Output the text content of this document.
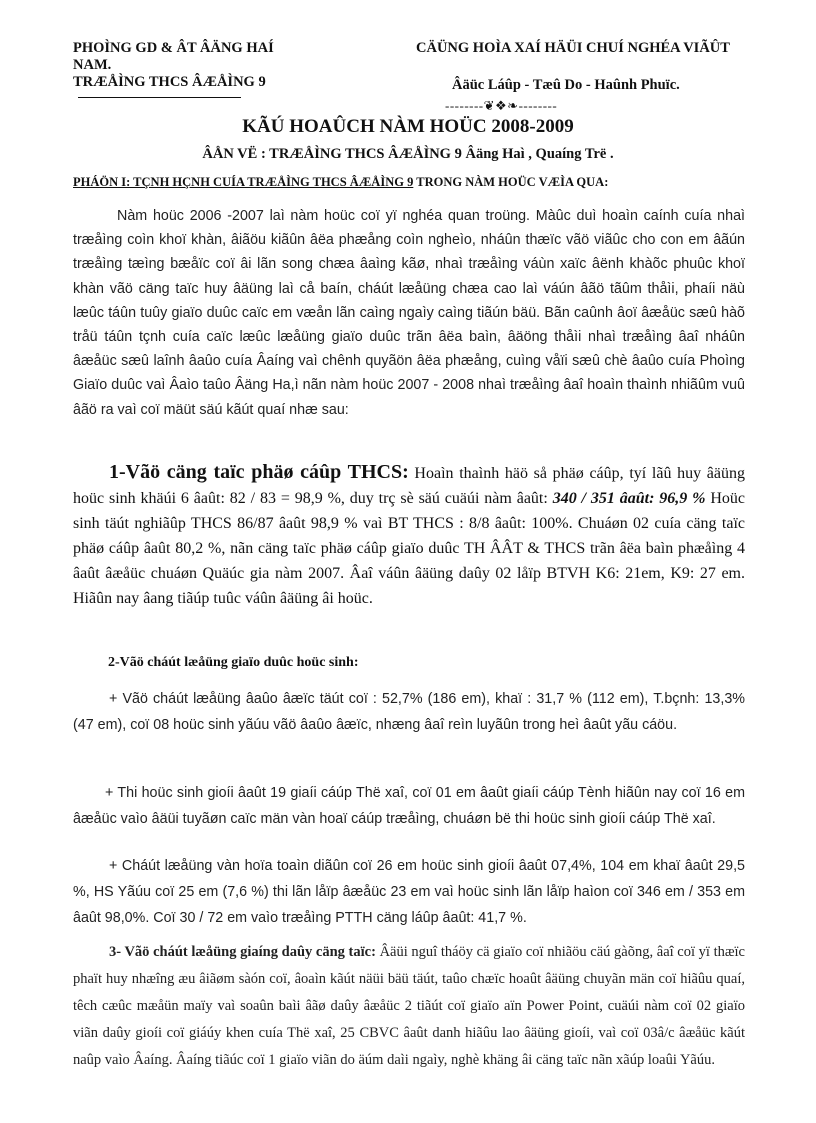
PHOÌNG GD & ÂT ÂÄNG HAÍ
NAM.
TRÆÅÌNG THCS ÂÆÅÌNG 9
CÄÜNG HOÌA XAÍ HÄÜI CHUÍ NGHÉA VIÃÛT
Âäüc Láûp - Tæû Do - Haûnh Phuïc.
--------❦❖❧--------
KÃÚ HOAÛCH NÀM HOÜC 2008-2009
ÂÅN VË : TRÆÅÌNG THCS ÂÆÅÌNG 9 Âäng Haì , Quaíng Trë .
PHÁÖN I: TÇNH HÇNH CUÍA TRÆÅÌNG THCS ÂÆÅÌNG 9 TRONG NÀM HOÜC VÆÌA QUA:
Nàm hoüc 2006 -2007 laì nàm hoüc coï yï nghéa quan troüng. Màûc duì hoaìn caính cuía nhaì træåìng coìn khoï khàn, âiãöu kiãûn âëa phæång coìn ngheìo, nháûn thæïc vãö viãûc cho con em âãún træåìng tæìng bæåïc coï âi lãn song chæa âaìng kãø, nhaì træåìng váùn xaïc âënh khàõc phuûc khoï khàn vãö cäng taïc huy âäüng laì cå baín, cháút læåüng chæa cao laì váún âãö tãûm thåìi, phaíi näù læûc táûn tuûy giaïo duûc caïc em væån lãn caìng ngaìy caìng tiãún bäü. Bãn caûnh âoï âæåüc sæû hàõ tråü táûn tçnh cuía caïc læûc læåüng giaïo duûc trãn âëa baìn, âäöng thåìi nhaì træåìng âaî nháûn âæåüc sæû laînh âaûo cuía Âaíng vaì chênh quyãön âëa phæång, cuìng våïi sæû chè âaûo cuía Phoìng Giaïo duûc vaì Âaìo taûo Âäng Ha,ì nãn nàm hoüc 2007 - 2008 nhaì træåìng âaî hoaìn thaình nhiãûm vuû âãö ra vaì coï mäüt säú kãút quaí nhæ sau:
1-Vãö cäng taïc phäø cáûp THCS: Hoaìn thaình häö så phäø cáûp, tyí lãû huy âäüng hoüc sinh khäúi 6 âaût: 82 / 83 = 98,9 %, duy trç sè säú cuäúi nàm âaût: 340 / 351 âaût: 96,9 % Hoüc sinh täút nghiãûp THCS 86/87 âaût 98,9 % vaì BT THCS : 8/8 âaût: 100%. Chuáøn 02 cuía cäng taïc phäø cáûp âaût 80,2 %, nãn cäng taïc phäø cáûp giaïo duûc TH ÂÂT & THCS trãn âëa baìn phæåìng 4 âaût âæåüc chuáøn Quäúc gia nàm 2007. Âaî váûn âäüng daûy 02 låïp BTVH K6: 21em, K9: 27 em. Hiãûn nay âang tiãúp tuûc váûn âäüng âi hoüc.
2-Vãö cháút læåüng giaïo duûc hoüc sinh:
+ Vãö cháút læåüng âaûo âæïc täút coï : 52,7% (186 em), khaï : 31,7 % (112 em), T.bçnh: 13,3% (47 em), coï 08 hoüc sinh yãúu vãö âaûo âæïc, nhæng âaî reìn luyãûn trong heì âaût yãu cáöu.
+ Thi hoüc sinh gioíi âaût 19 giaíi cáúp Thë xaî, coï 01 em âaût giaíi cáúp Tènh hiãûn nay coï 16 em âæåüc vaìo âäüi tuyãøn caïc män vàn hoaï cáúp træåìng, chuáøn bë thi hoüc sinh gioíi cáúp Thë xaî.
+ Cháút læåüng vàn hoïa toaìn diãûn coï 26 em hoüc sinh gioíi âaût 07,4%, 104 em khaï âaût 29,5 %, HS Yãúu coï 25 em (7,6 %) thi lãn låïp âæåüc 23 em vaì hoüc sinh lãn låïp haìon coï 346 em / 353 em âaût 98,0%. Coï 30 / 72 em vaìo træåìng PTTH cäng láûp âaût: 41,7 %.
3- Vãö cháút læåüng giaíng daûy cäng taïc: Âäüi nguî tháöy cä giaïo coï nhiãöu cäú gàõng, âaî coï yï thæïc phaït huy nhæîng æu âiãøm sàón coï, âoaìn kãút näüi bäü täút, taûo chæïc hoaût âäüng chuyãn män coï hiãûu quaí, têch cæûc mæåün maïy vaì soaûn baìi âãø daûy âæåüc 2 tiãút coï giaïo aïn Power Point, cuäúi nàm coï 02 giaïo viãn daûy gioíi coï giáúy khen cuía Thë xaî, 25 CBVC âaût danh hiãûu lao âäüng gioíi, vaì coï 03â/c âæåüc kãút naûp vaìo Âaíng. Âaíng tiãúc coï 1 giaïo viãn do äúm daìi ngaìy, nghè khäng âi cäng taïc nãn xãúp loaûi Yãúu.
